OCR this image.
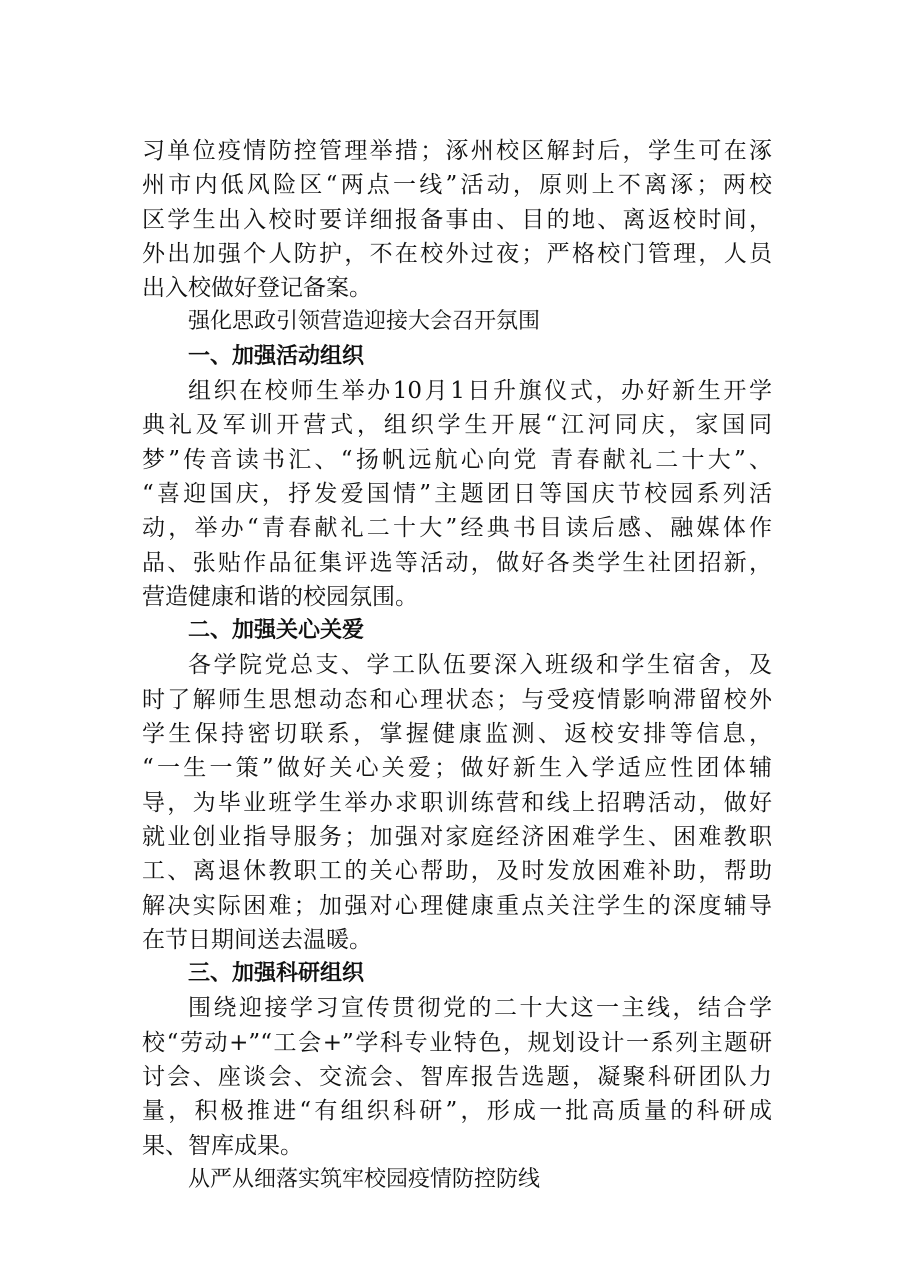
习单位疫情防控管理举措；涿州校区解封后，学生可在涿
州市内低风险区“两点一线”活动，原则上不离涿；两校
区学生出入校时要详细报备事由、目的地、离返校时间，
外出加强个人防护，不在校外过夜；严格校门管理，人员
出入校做好登记备案。
强化思政引领营造迎接大会召开氛围
一、加强活动组织
组织在校师生举办10月1日升旗仪式，办好新生开学
典礼及军训开营式，组织学生开展“江河同庆，家国同
梦”传音读书汇、“扬帆远航心向党 青春献礼二十大”、
“喜迎国庆，抒发爱国情”主题团日等国庆节校园系列活
动，举办“青春献礼二十大”经典书目读后感、融媒体作
品、张贴作品征集评选等活动，做好各类学生社团招新，
营造健康和谐的校园氛围。
二、加强关心关爱
各学院党总支、学工队伍要深入班级和学生宿舍，及
时了解师生思想动态和心理状态；与受疫情影响滞留校外
学生保持密切联系，掌握健康监测、返校安排等信息，
“一生一策”做好关心关爱；做好新生入学适应性团体辅
导，为毕业班学生举办求职训练营和线上招聘活动，做好
就业创业指导服务；加强对家庭经济困难学生、困难教职
工、离退休教职工的关心帮助，及时发放困难补助，帮助
解决实际困难；加强对心理健康重点关注学生的深度辅导
在节日期间送去温暖。
三、加强科研组织
围绕迎接学习宣传贯彻党的二十大这一主线，结合学
校“劳动+”“工会+”学科专业特色，规划设计一系列主题研
讨会、座谈会、交流会、智库报告选题，凝聚科研团队力
量，积极推进“有组织科研”，形成一批高质量的科研成
果、智库成果。
从严从细落实筑牢校园疫情防控防线
